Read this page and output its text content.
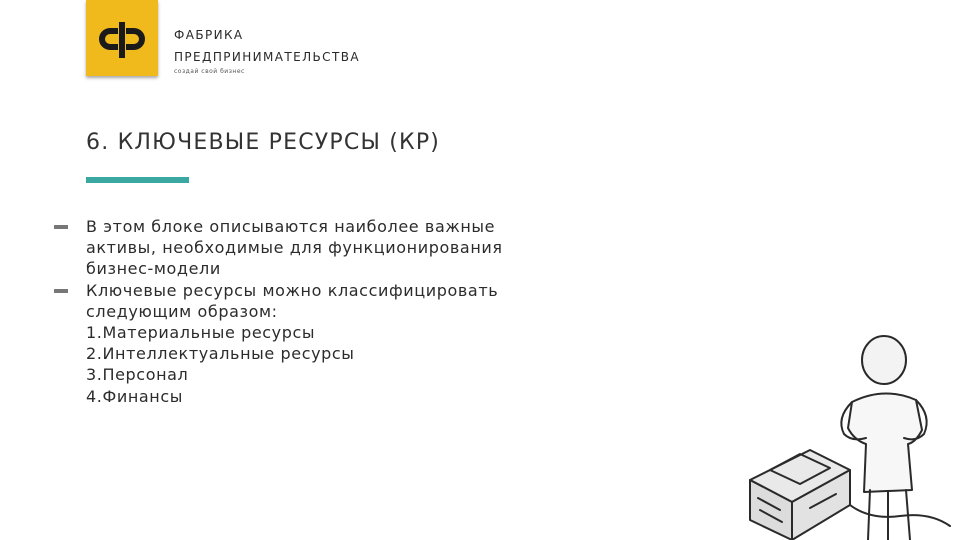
ФАБРИКА
ПРЕДПРИНИМАТЕЛЬСТВА
создай свой бизнес
6. КЛЮЧЕВЫЕ РЕСУРСЫ (КР)
В этом блоке описываются наиболее важные
активы, необходимые для функционирования
бизнес-модели
Ключевые ресурсы можно классифицировать
следующим образом:
1.Материальные ресурсы
2.Интеллектуальные ресурсы
3.Персонал
4.Финансы
